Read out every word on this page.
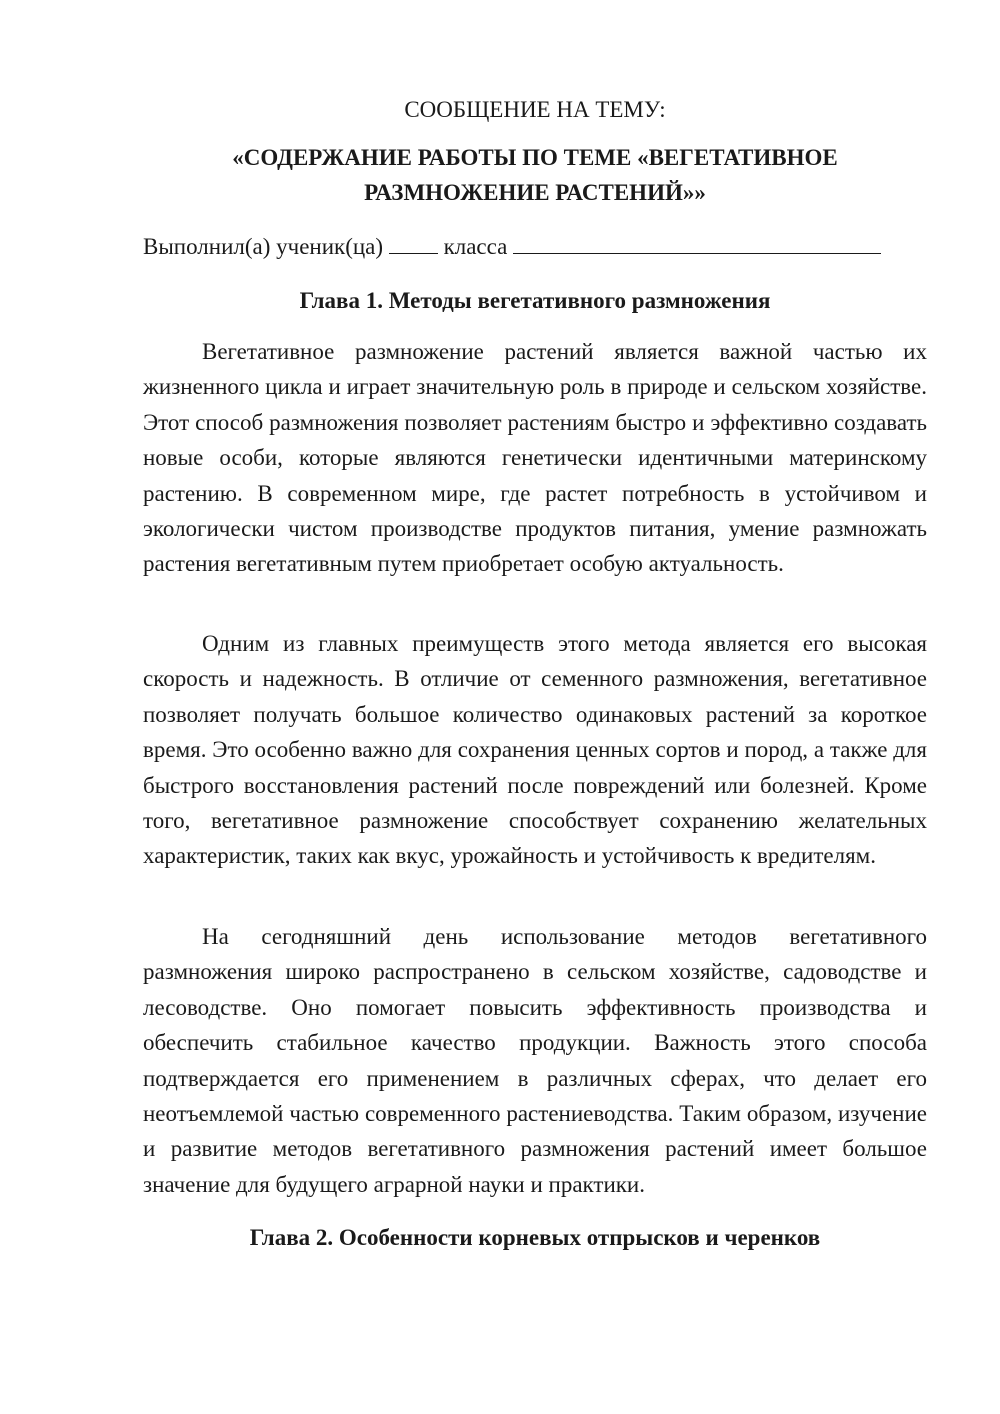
СООБЩЕНИЕ НА ТЕМУ:
«СОДЕРЖАНИЕ РАБОТЫ ПО ТЕМЕ «ВЕГЕТАТИВНОЕ РАЗМНОЖЕНИЕ РАСТЕНИЙ»»
Выполнил(а) ученик(ца)	класса
Глава 1. Методы вегетативного размножения

Вегетативное размножение растений является важной частью их жизненного цикла и играет значительную роль в природе и сельском хозяйстве. Этот способ размножения позволяет растениям быстро и эффективно создавать новые особи, которые являются генетически идентичными материнскому растению. В современном мире, где растет потребность в устойчивом и экологически чистом производстве продуктов питания, умение размножать растения вегетативным путем приобретает особую актуальность.

Одним из главных преимуществ этого метода является его высокая скорость и надежность. В отличие от семенного размножения, вегетативное позволяет получать большое количество одинаковых растений за короткое время. Это особенно важно для сохранения ценных сортов и пород, а также для быстрого восстановления растений после повреждений или болезней. Кроме того, вегетативное размножение способствует сохранению желательных характеристик, таких как вкус, урожайность и устойчивость к вредителям.

На сегодняшний день использование методов вегетативного размножения широко распространено в сельском хозяйстве, садоводстве и лесоводстве. Оно помогает повысить эффективность производства и обеспечить стабильное качество продукции. Важность этого способа подтверждается его применением в различных сферах, что делает его неотъемлемой частью современного растениеводства. Таким образом, изучение и развитие методов вегетативного размножения растений имеет большое значение для будущего аграрной науки и практики.

Глава 2. Особенности корневых отпрысков и черенков
